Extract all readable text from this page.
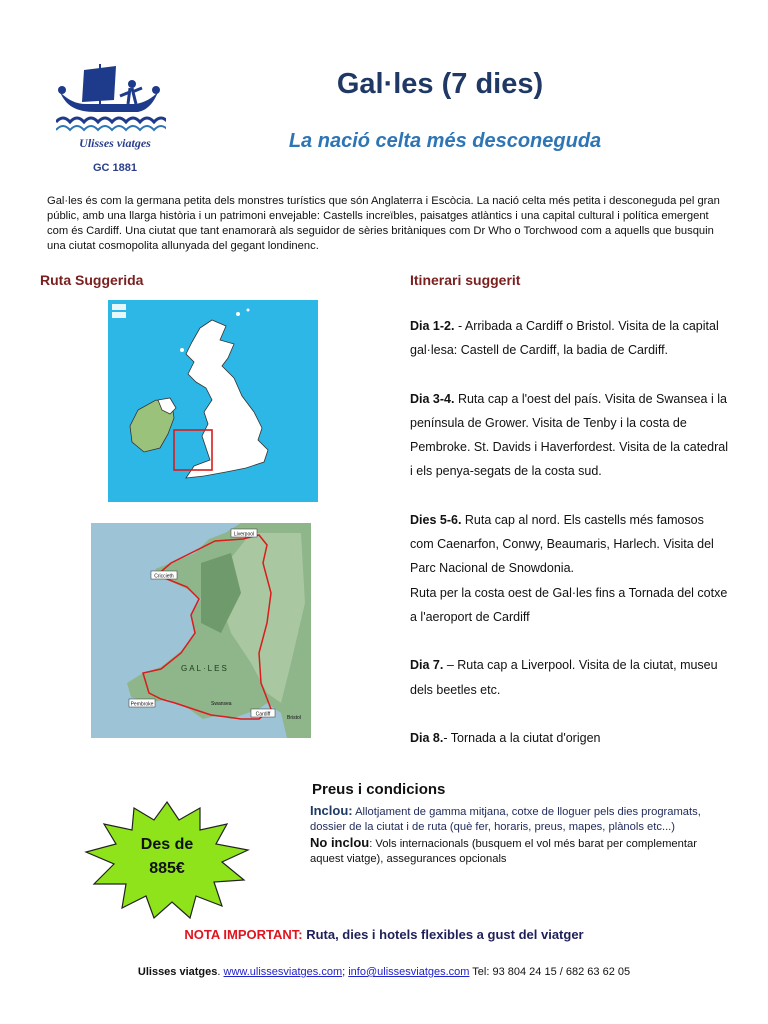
Ulisses viatges
GC 1881
Gal·les (7 dies)
La nació celta més desconeguda
Gal·les és com la germana petita dels monstres turístics que són Anglaterra i Escòcia. La nació celta més petita i desconeguda pel gran públic, amb una llarga història i un patrimoni envejable: Castells increïbles, paisatges atlàntics i una capital cultural i política emergent com és Cardiff. Una ciutat que tant enamorarà als seguidor de sèries britàniques com Dr Who o Torchwood com a aquells que busquin una ciutat cosmopolita allunyada del gegant londinenc.
Ruta Suggerida	Itinerari suggerit
Liverpool
Criccieth
GAL·LES
Pembroke	Swansea
Cardiff
Bristol
Dia 1-2. - Arribada a Cardiff o Bristol. Visita de la capital gal·lesa: Castell de Cardiff, la badia de Cardiff.
Dia 3-4. Ruta cap a l'oest del país. Visita de Swansea i la península de Grower. Visita de Tenby i la costa de Pembroke. St. Davids i Haverfordest. Visita de la catedral i els penya-segats de la costa sud.
Dies 5-6. Ruta cap al nord. Els castells més famosos com Caenarfon, Conwy, Beaumaris, Harlech. Visita del Parc Nacional de Snowdonia.
Ruta per la costa oest de Gal·les fins a Tornada del cotxe a l'aeroport de Cardiff
Dia 7. – Ruta cap a Liverpool. Visita de la ciutat, museu dels beetles etc.
Dia 8.- Tornada a la ciutat d'origen
Preus i condicions
Inclou: Allotjament de gamma mitjana, cotxe de lloguer pels dies programats, dossier de la ciutat i de ruta (què fer, horaris, preus, mapes, plànols etc...)
No inclou: Vols internacionals (busquem el vol més barat per complementar aquest viatge), assegurances opcionals
Des de
885€
NOTA IMPORTANT: Ruta, dies i hotels flexibles a gust del viatger
Ulisses viatges. www.ulissesviatges.com; info@ulissesviatges.com Tel: 93 804 24 15 / 682 63 62 05
